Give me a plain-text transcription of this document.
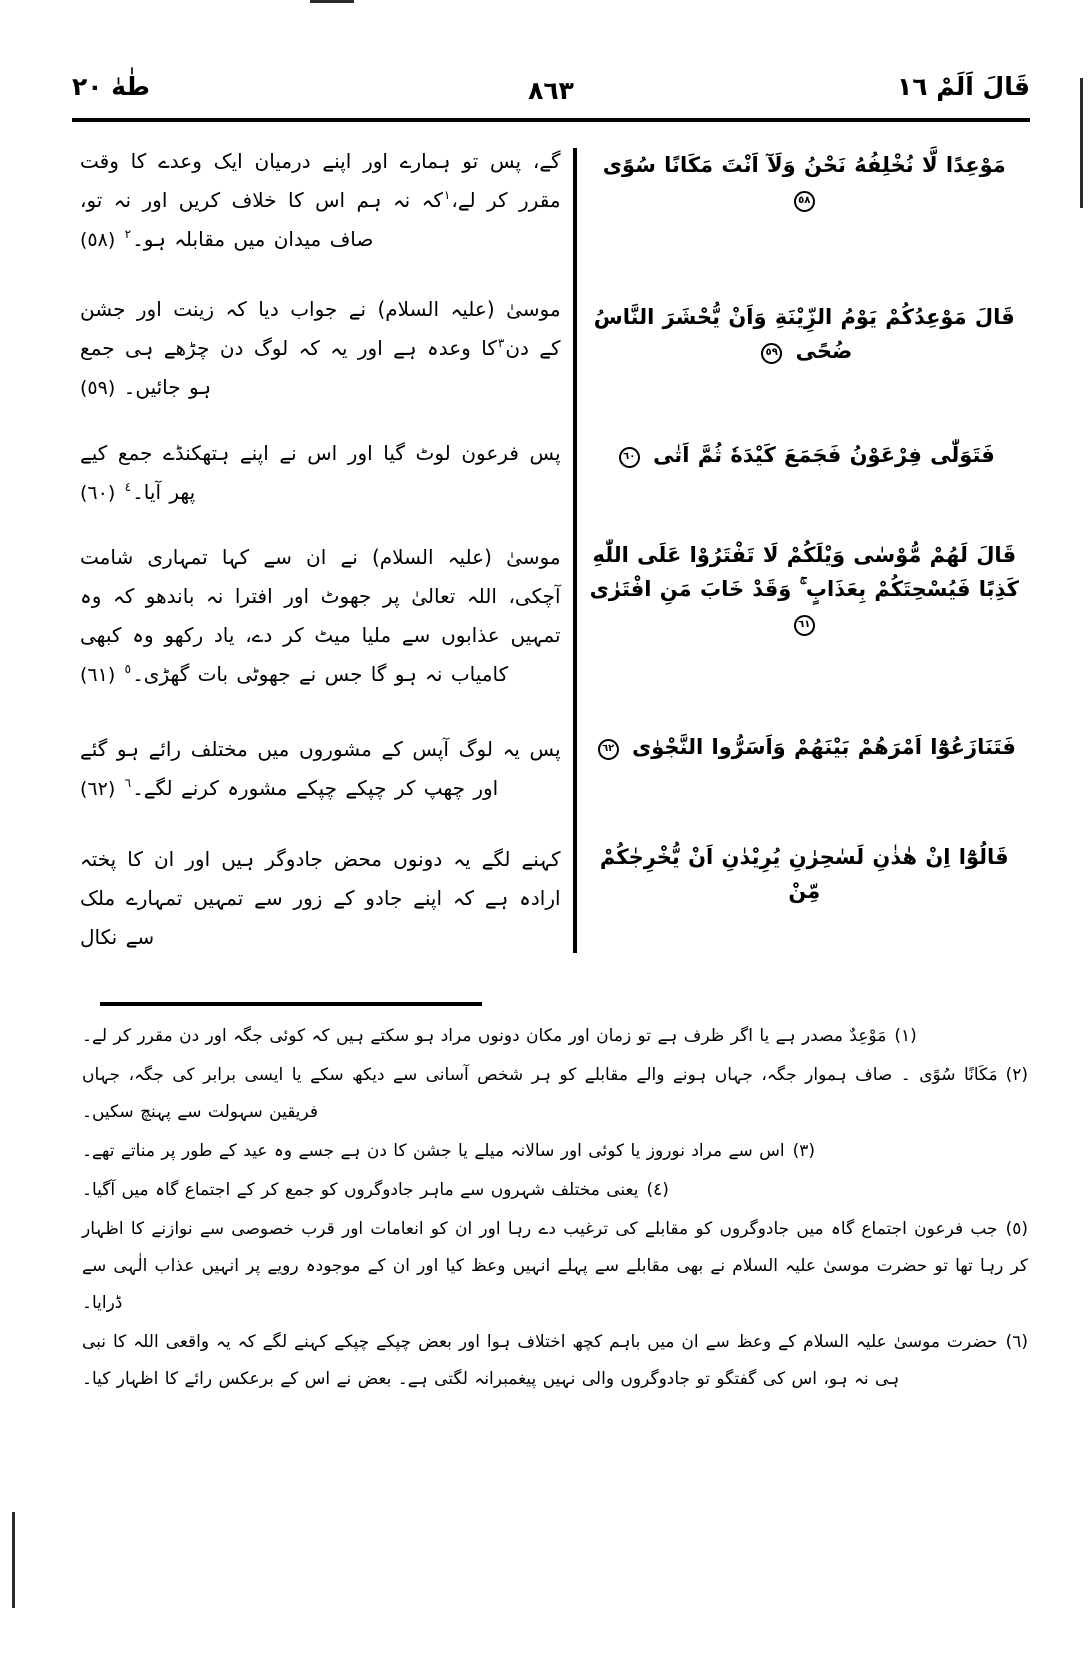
قَالَ اَلَمْ ١٦
٨٦٣
طٰهٰ ٢٠
مَوْعِدًا لَّا نُخْلِفُهُ نَحْنُ وَلَآ اَنْتَ مَكَانًا سُوًى ٥٨
قَالَ مَوْعِدُكُمْ يَوْمُ الزِّيْنَةِ وَاَنْ يُّحْشَرَ النَّاسُ ضُحًى ٥٩
فَتَوَلّٰى فِرْعَوْنُ فَجَمَعَ كَيْدَهٗ ثُمَّ اَتٰى ٦٠
قَالَ لَهُمْ مُّوْسٰى وَيْلَكُمْ لَا تَفْتَرُوْا عَلَى اللّٰهِ كَذِبًا فَيُسْحِتَكُمْ بِعَذَابٍ ۚ وَقَدْ خَابَ مَنِ افْتَرٰى ٦١
فَتَنَازَعُوْٓا اَمْرَهُمْ بَيْنَهُمْ وَاَسَرُّوا النَّجْوٰى ٦٢
قَالُوْٓا اِنْ هٰذٰنِ لَسٰحِرٰنِ يُرِيْدٰنِ اَنْ يُّخْرِجٰكُمْ مِّنْ
گے، پس تو ہمارے اور اپنے درمیان ایک وعدے کا وقت مقرر کر لے،$^١$کہ نہ ہم اس کا خلاف کریں اور نہ تو، صاف میدان میں مقابلہ ہو۔$^٢$ (٥٨)
موسیٰ (علیہ السلام) نے جواب دیا کہ زینت اور جشن کے دن$^٣$کا وعدہ ہے اور یہ کہ لوگ دن چڑھے ہی جمع ہو جائیں۔ (٥٩)
پس فرعون لوٹ گیا اور اس نے اپنے ہتھکنڈے جمع کیے پھر آیا۔$^٤$ (٦٠)
موسیٰ (علیہ السلام) نے ان سے کہا تمہاری شامت آچکی، اللہ تعالیٰ پر جھوٹ اور افترا نہ باندھو کہ وہ تمہیں عذابوں سے ملیا میٹ کر دے، یاد رکھو وہ کبھی کامیاب نہ ہو گا جس نے جھوٹی بات گھڑی۔$^٥$ (٦١)
پس یہ لوگ آپس کے مشوروں میں مختلف رائے ہو گئے اور چھپ کر چپکے چپکے مشورہ کرنے لگے۔$^٦$ (٦٢)
کہنے لگے یہ دونوں محض جادوگر ہیں اور ان کا پختہ ارادہ ہے کہ اپنے جادو کے زور سے تمہیں تمہارے ملک سے نکال
(١)مَوْعِدٌ مصدر ہے یا اگر ظرف ہے تو زمان اور مکان دونوں مراد ہو سکتے ہیں کہ کوئی جگہ اور دن مقرر کر لے۔
(٢)مَکَانًا سُوًی ۔ صاف ہموار جگہ، جہاں ہونے والے مقابلے کو ہر شخص آسانی سے دیکھ سکے یا ایسی برابر کی جگہ، جہاں فریقین سہولت سے پہنچ سکیں۔
(٣)اس سے مراد نوروز یا کوئی اور سالانہ میلے یا جشن کا دن ہے جسے وہ عید کے طور پر مناتے تھے۔
(٤)یعنی مختلف شہروں سے ماہر جادوگروں کو جمع کر کے اجتماع گاہ میں آگیا۔
(٥)جب فرعون اجتماع گاہ میں جادوگروں کو مقابلے کی ترغیب دے رہا اور ان کو انعامات اور قرب خصوصی سے نوازنے کا اظہار کر رہا تھا تو حضرت موسیٰ علیہ السلام نے بھی مقابلے سے پہلے انہیں وعظ کیا اور ان کے موجودہ رویے پر انہیں عذاب الٰہی سے ڈرایا۔
(٦)حضرت موسیٰ علیہ السلام کے وعظ سے ان میں باہم کچھ اختلاف ہوا اور بعض چپکے چپکے کہنے لگے کہ یہ واقعی اللہ کا نبی ہی نہ ہو، اس کی گفتگو تو جادوگروں والی نہیں پیغمبرانہ لگتی ہے۔ بعض نے اس کے برعکس رائے کا اظہار کیا۔
